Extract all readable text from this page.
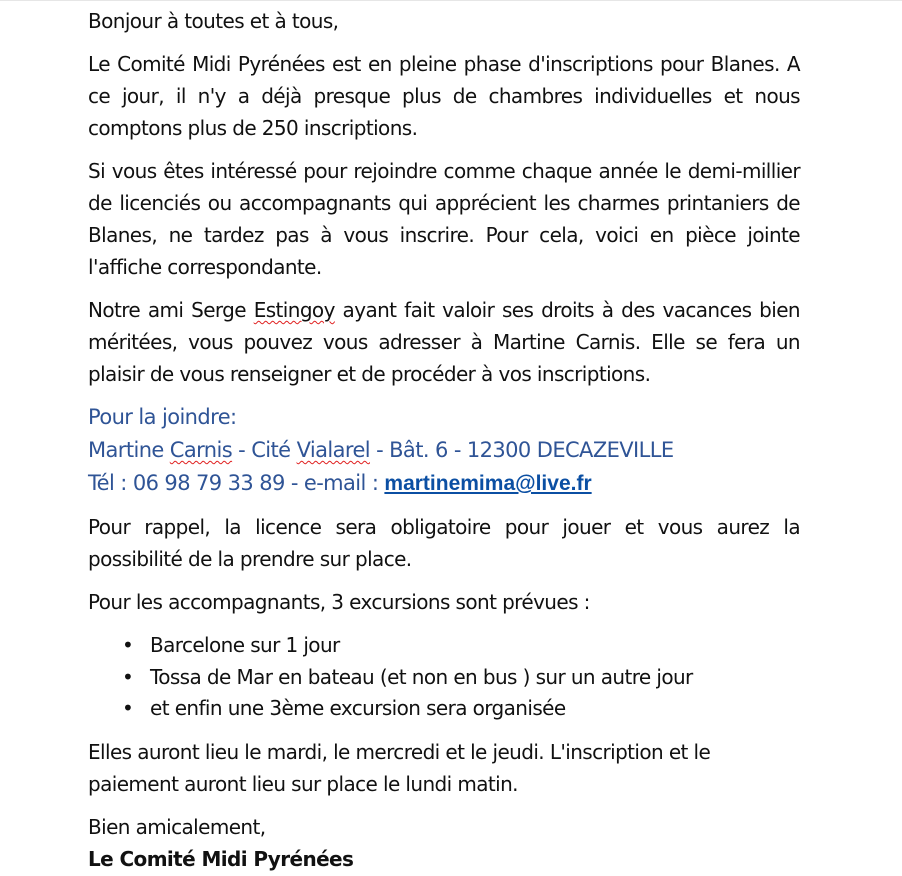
Bonjour à toutes et à tous,

Le Comité Midi Pyrénées est en pleine phase d'inscriptions pour Blanes. A ce jour, il n'y a déjà presque plus de chambres individuelles et nous comptons plus de 250 inscriptions.

Si vous êtes intéressé pour rejoindre comme chaque année le demi-millier de licenciés ou accompagnants qui apprécient les charmes printaniers de Blanes, ne tardez pas à vous inscrire. Pour cela, voici en pièce jointe l'affiche correspondante.

Notre ami Serge Estingoy ayant fait valoir ses droits à des vacances bien méritées, vous pouvez vous adresser à Martine Carnis. Elle se fera un plaisir de vous renseigner et de procéder à vos inscriptions.

Pour la joindre:
Martine Carnis - Cité Vialarel - Bât. 6 - 12300 DECAZEVILLE
Tél : 06 98 79 33 89 - e-mail : martinemima@live.fr

Pour rappel, la licence sera obligatoire pour jouer et vous aurez la possibilité de la prendre sur place.

Pour les accompagnants, 3 excursions sont prévues :

• Barcelone sur 1 jour
• Tossa de Mar en bateau (et non en bus ) sur un autre jour
• et enfin une 3ème excursion sera organisée

Elles auront lieu le mardi, le mercredi et le jeudi. L'inscription et le paiement auront lieu sur place le lundi matin.

Bien amicalement,

Le Comité Midi Pyrénées
